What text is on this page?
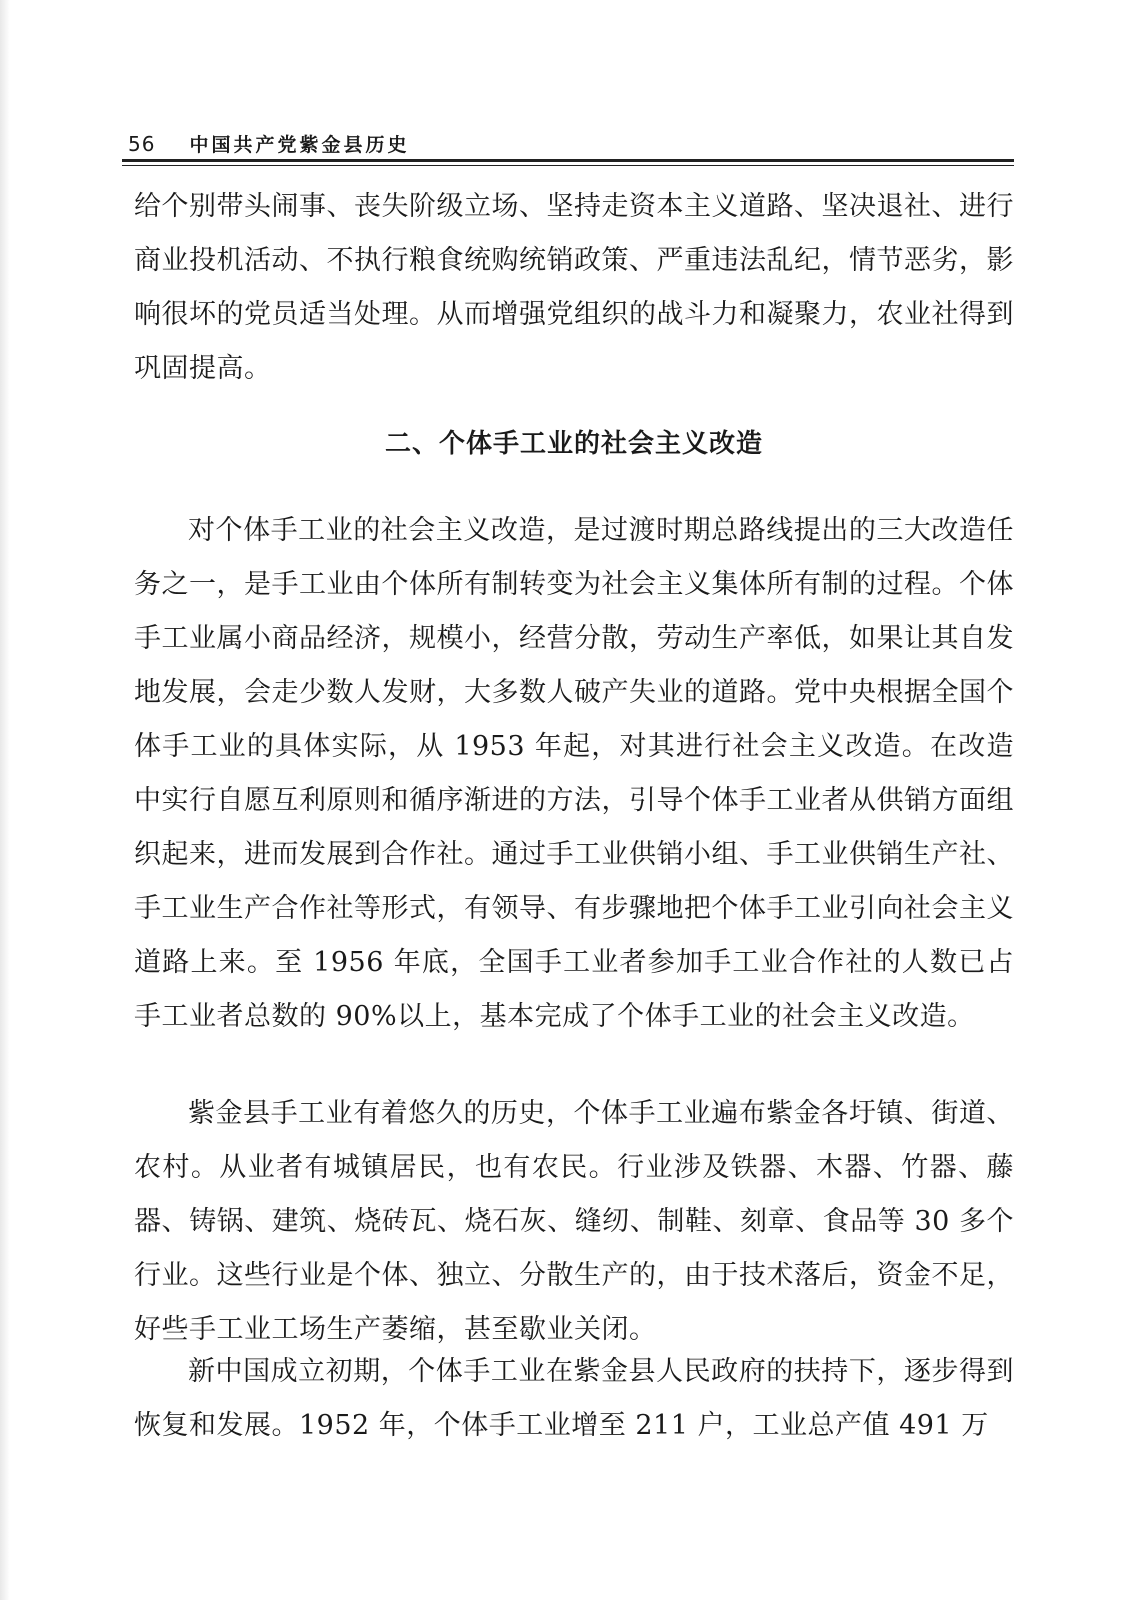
56 中国共产党紫金县历史

给个别带头闹事、丧失阶级立场、坚持走资本主义道路、坚决退社、进行商业投机活动、不执行粮食统购统销政策、严重违法乱纪，情节恶劣，影响很坏的党员适当处理。从而增强党组织的战斗力和凝聚力，农业社得到巩固提高。

二、个体手工业的社会主义改造

对个体手工业的社会主义改造，是过渡时期总路线提出的三大改造任务之一，是手工业由个体所有制转变为社会主义集体所有制的过程。个体手工业属小商品经济，规模小，经营分散，劳动生产率低，如果让其自发地发展，会走少数人发财，大多数人破产失业的道路。党中央根据全国个体手工业的具体实际，从 1953 年起，对其进行社会主义改造。在改造中实行自愿互利原则和循序渐进的方法，引导个体手工业者从供销方面组织起来，进而发展到合作社。通过手工业供销小组、手工业供销生产社、手工业生产合作社等形式，有领导、有步骤地把个体手工业引向社会主义道路上来。至 1956 年底，全国手工业者参加手工业合作社的人数已占手工业者总数的 90%以上，基本完成了个体手工业的社会主义改造。

紫金县手工业有着悠久的历史，个体手工业遍布紫金各圩镇、街道、农村。从业者有城镇居民，也有农民。行业涉及铁器、木器、竹器、藤器、铸锅、建筑、烧砖瓦、烧石灰、缝纫、制鞋、刻章、食品等 30 多个行业。这些行业是个体、独立、分散生产的，由于技术落后，资金不足，好些手工业工场生产萎缩，甚至歇业关闭。

新中国成立初期，个体手工业在紫金县人民政府的扶持下，逐步得到恢复和发展。1952 年，个体手工业增至 211 户，工业总产值 491 万
